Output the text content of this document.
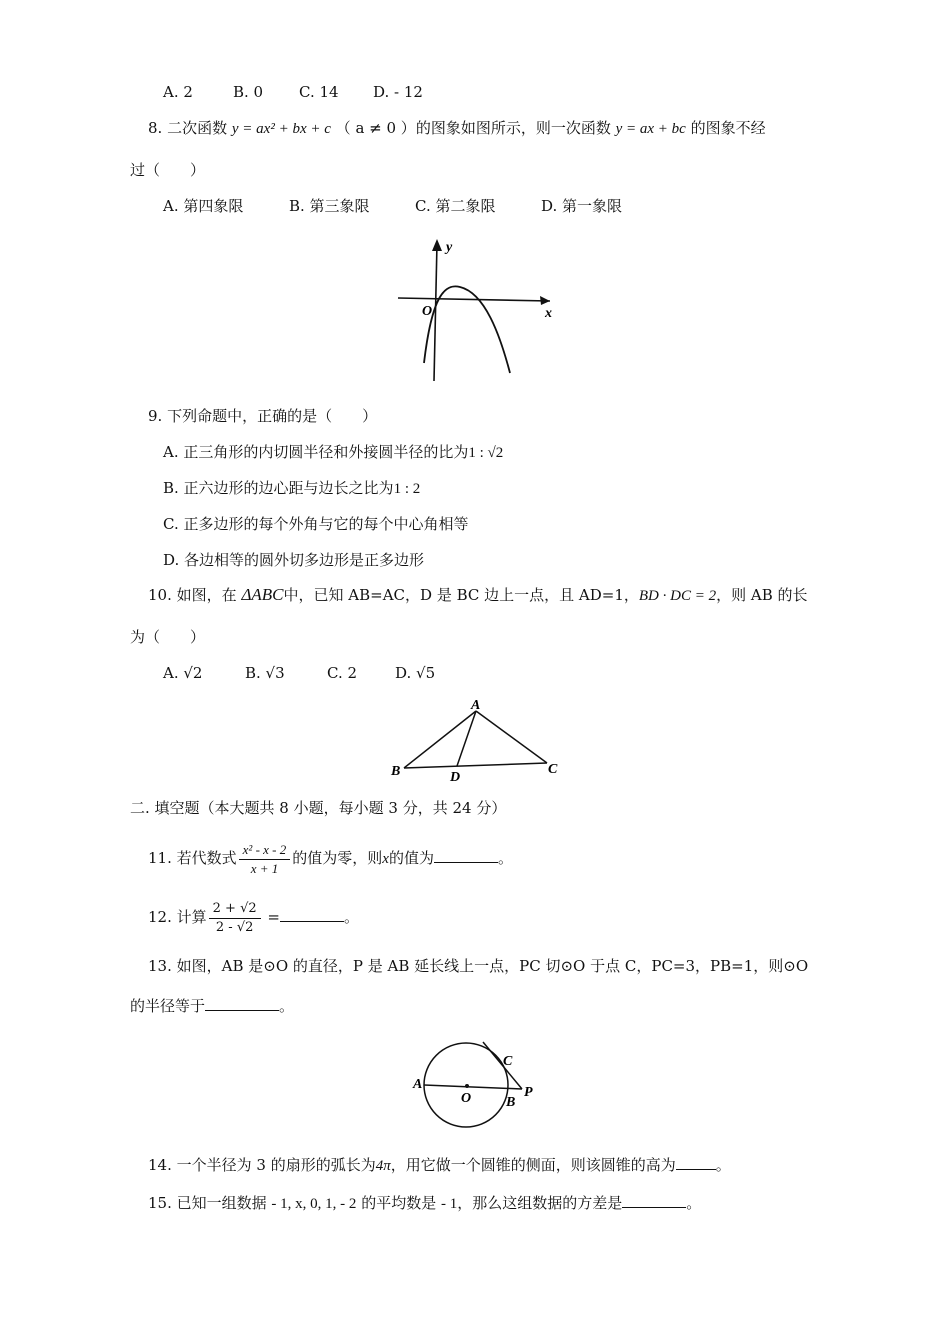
A. 2	B. 0 C. 14 D. - 12
8. 二次函数 y = ax² + bx + c （ a ≠ 0 ）的图象如图所示，则一次函数 y = ax + bc 的图象不经
过（　　）
A. 第四象限	B. 第三象限	C. 第二象限	D. 第一象限
y
x
O
9. 下列命题中，正确的是（　　）
A. 正三角形的内切圆半径和外接圆半径的比为1 : √2
B. 正六边形的边心距与边长之比为1 : 2
C. 正多边形的每个外角与它的每个中心角相等
D. 各边相等的圆外切多边形是正多边形
10. 如图，在 ΔABC中，已知 AB=AC，D 是 BC 边上一点，且 AD=1，BD · DC = 2，则 AB 的长
为（　　）
A. √2	B. √3	C. 2	D. √5
A
B	C
D
二. 填空题（本大题共 8 小题，每小题 3 分，共 24 分）
11. 若代数式 $\frac{\text{x² - x - 2}}{x + 1}$ 的值为零，则x的值为	。
12. 计算 $\frac{2 + √2}{2 - √2}$ =	。
13. 如图，AB 是⊙O 的直径，P 是 AB 延长线上一点，PC 切⊙O 于点 C，PC=3，PB=1，则⊙O
的半径等于	。
A
O B
C
P
14. 一个半径为 3 的扇形的弧长为4π，用它做一个圆锥的侧面，则该圆锥的高为	。
15. 已知一组数据 - 1, x, 0, 1, - 2 的平均数是 - 1，那么这组数据的方差是	。
